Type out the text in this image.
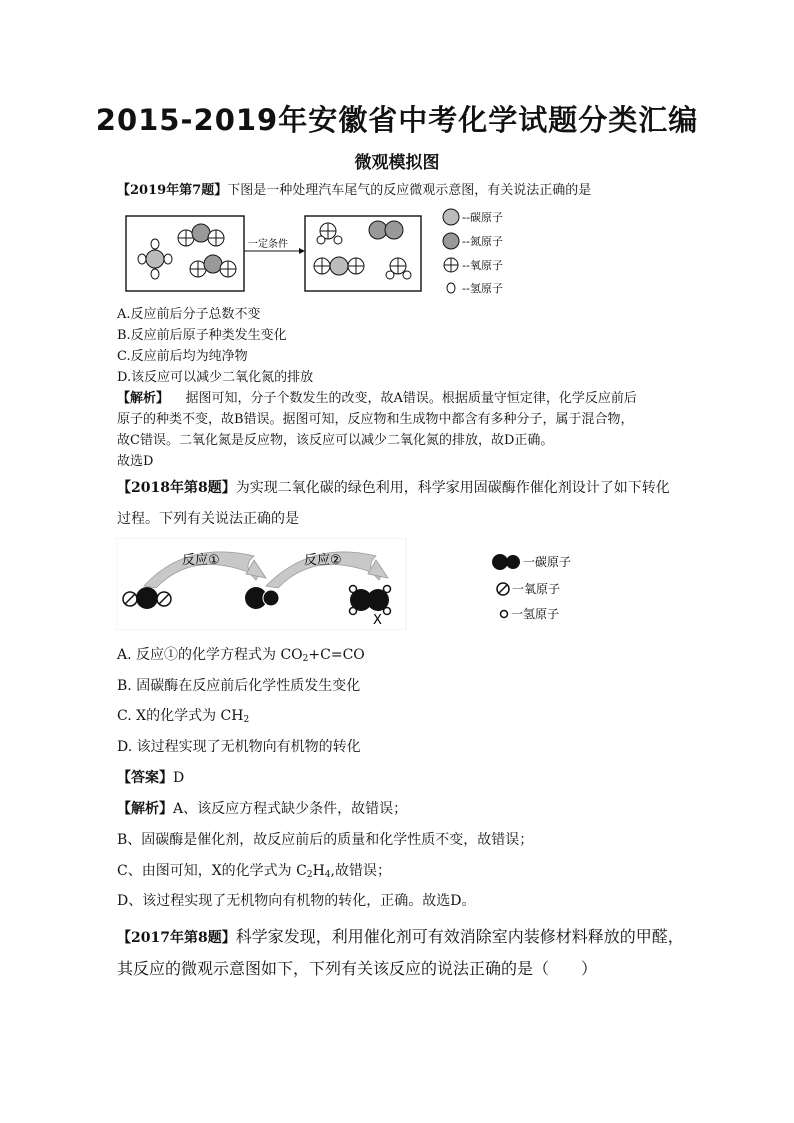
2015-2019年安徽省中考化学试题分类汇编
微观模拟图
【2019年第7题】下图是一种处理汽车尾气的反应微观示意图，有关说法正确的是
一定条件
--碳原子
--氮原子
--氧原子
--氢原子
A.反应前后分子总数不变
B.反应前后原子种类发生变化
C.反应前后均为纯净物
D.该反应可以减少二氧化氮的排放
【解析】 据图可知，分子个数发生的改变，故A错误。根据质量守恒定律，化学反应前后
原子的种类不变，故B错误。据图可知，反应物和生成物中都含有多种分子，属于混合物，
故C错误。二氧化氮是反应物，该反应可以减少二氧化氮的排放，故D正确。
故选D
【2018年第8题】为实现二氧化碳的绿色利用，科学家用固碳酶作催化剂设计了如下转化
过程。下列有关说法正确的是
反应①	反应②
X
一碳原子
一氧原子
一氢原子
A. 反应①的化学方程式为 $CO_2+C=CO$
B. 固碳酶在反应前后化学性质发生变化
C. X的化学式为 $CH_2$
D. 该过程实现了无机物向有机物的转化
【答案】D
【解析】A、该反应方程式缺少条件，故错误；
B、固碳酶是催化剂，故反应前后的质量和化学性质不变，故错误；
C、由图可知，X的化学式为 $C_2H_4$,故错误；
D、该过程实现了无机物向有机物的转化，正确。故选D。
【2017年第8题】科学家发现，利用催化剂可有效消除室内装修材料释放的甲醛，
其反应的微观示意图如下，下列有关该反应的说法正确的是（　　）
